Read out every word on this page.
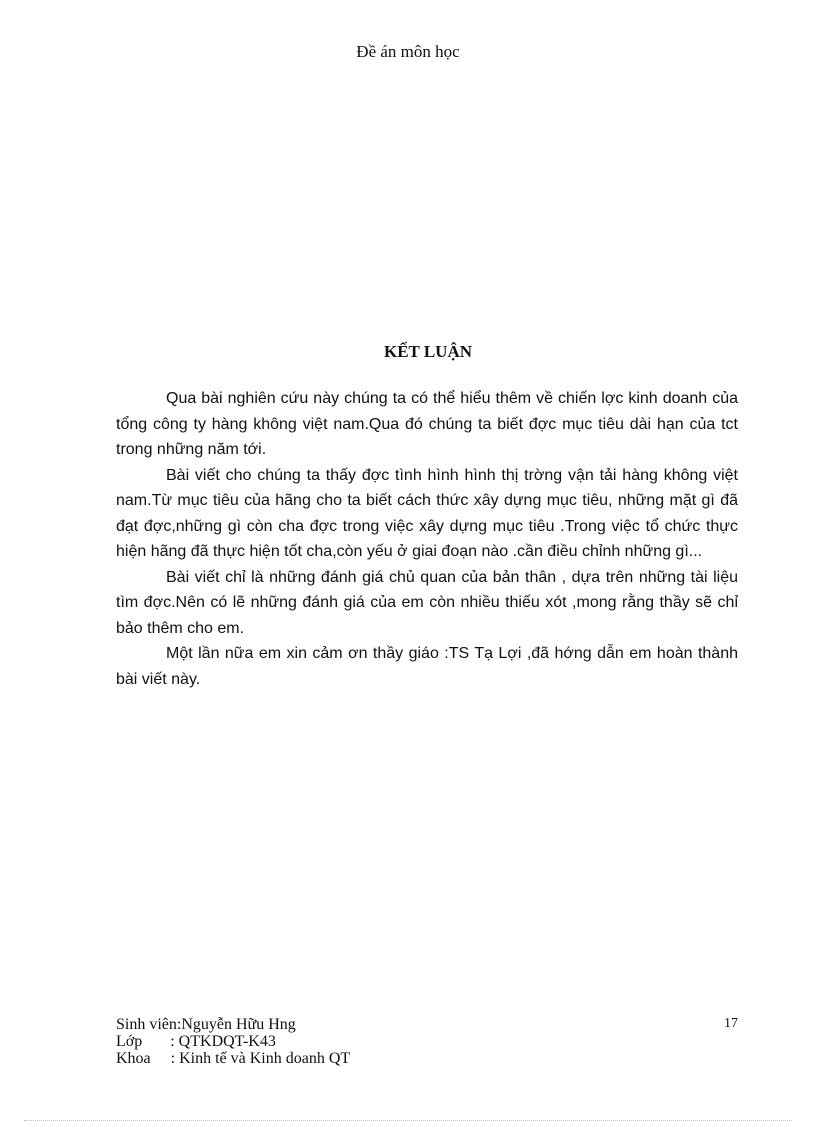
Đề án môn học
KẾT LUẬN

Qua bài nghiên cứu này chúng ta có thể hiểu thêm về chiến lợc kinh doanh của tổng công ty hàng không việt nam.Qua đó chúng ta biết đợc mục tiêu dài hạn của tct trong những năm tới.

Bài viết cho chúng ta thấy đợc tình hình hình thị trờng vận tải hàng không việt nam.Từ mục tiêu của hãng cho ta biết cách thức xây dựng mục tiêu, những mặt gì đã đạt đợc,những gì còn cha đợc trong việc xây dựng mục tiêu .Trong việc tổ chức thực hiện hãng đã thực hiện tốt cha,còn yếu ở giai đoạn nào .cần điều chỉnh những gì...

Bài viết chỉ là những đánh giá chủ quan của bản thân , dựa trên những tài liệu tìm đợc.Nên có lẽ những đánh giá của em còn nhiều thiếu xót ,mong rằng thầy sẽ chỉ bảo thêm cho em.

Một lần nữa em xin cảm ơn thầy giáo :TS Tạ Lợi ,đã hớng dẫn em hoàn thành bài viết này.

Sinh viên:Nguyễn Hữu Hng
Lớp       : QTKDQT-K43
Khoa     : Kinh tế và Kinh doanh QT
17
